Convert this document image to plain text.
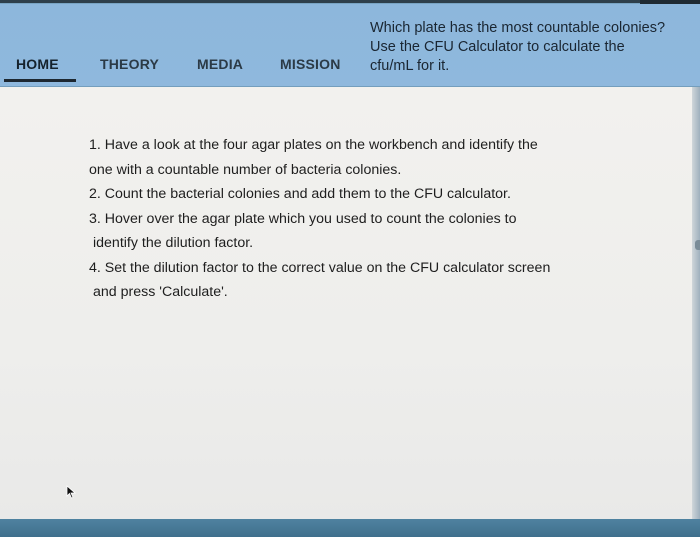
Which plate has the most countable colonies? Use the CFU Calculator to calculate the cfu/mL for it.
HOME	THEORY	MEDIA	MISSION
1. Have a look at the four agar plates on the workbench and identify the
one with a countable number of bacteria colonies.
2. Count the bacterial colonies and add them to the CFU calculator.
3. Hover over the agar plate which you used to count the colonies to
identify the dilution factor.
4. Set the dilution factor to the correct value on the CFU calculator screen
and press 'Calculate'.
